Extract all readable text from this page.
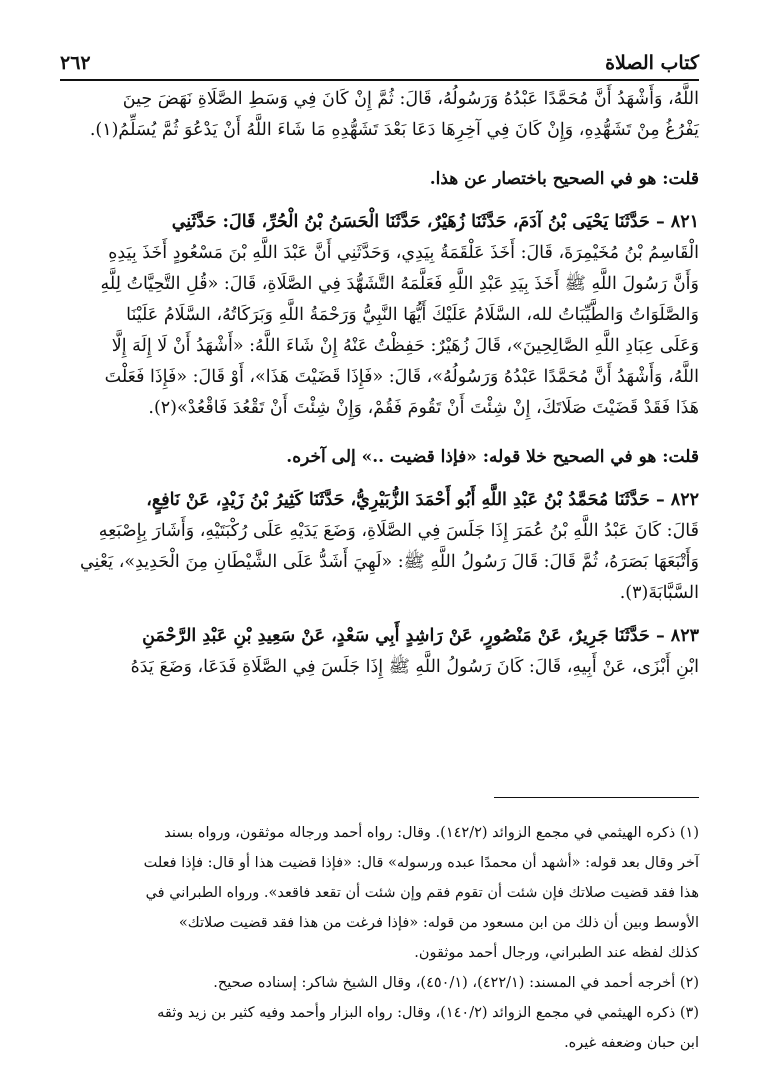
كتاب الصلاة
٢٦٢

اللَّهُ، وَأَشْهَدُ أَنَّ مُحَمَّدًا عَبْدُهُ وَرَسُولُهُ، قَالَ: ثُمَّ إِنْ كَانَ فِي وَسَطِ الصَّلَاةِ نَهَضَ حِينَ

يَفْرُغُ مِنْ تَشَهُّدِهِ، وَإِنْ كَانَ فِي آخِرِهَا دَعَا بَعْدَ تَشَهُّدِهِ مَا شَاءَ اللَّهُ أَنْ يَدْعُوَ ثُمَّ يُسَلِّمُ(١).

قلت: هو في الصحيح باختصار عن هذا.

٨٢١ – حَدَّثَنَا يَحْيَى بْنُ آدَمَ، حَدَّثَنَا زُهَيْرٌ، حَدَّثَنَا الْحَسَنُ بْنُ الْحُرِّ، قَالَ: حَدَّثَنِي

الْقَاسِمُ بْنُ مُخَيْمِرَةَ، قَالَ: أَخَذَ عَلْقَمَةُ بِيَدِي، وَحَدَّثَنِي أَنَّ عَبْدَ اللَّهِ بْنَ مَسْعُودٍ أَخَذَ بِيَدِهِ

وَأَنَّ رَسُولَ اللَّهِ ﷺ أَخَذَ بِيَدِ عَبْدِ اللَّهِ فَعَلَّمَهُ التَّشَهُّدَ فِي الصَّلَاةِ، قَالَ: «قُلِ التَّحِيَّاتُ لِلَّهِ

وَالصَّلَوَاتُ وَالطَّيِّبَاتُ لله، السَّلَامُ عَلَيْكَ أَيُّهَا النَّبِيُّ وَرَحْمَةُ اللَّهِ وَبَرَكَاتُهُ، السَّلَامُ عَلَيْنَا

وَعَلَى عِبَادِ اللَّهِ الصَّالِحِينَ»، قَالَ زُهَيْرٌ: حَفِظْتُ عَنْهُ إِنْ شَاءَ اللَّهُ: «أَشْهَدُ أَنْ لَا إِلَهَ إِلَّا

اللَّهُ، وَأَشْهَدُ أَنَّ مُحَمَّدًا عَبْدُهُ وَرَسُولُهُ»، قَالَ: «فَإِذَا قَضَيْتَ هَذَا»، أَوْ قَالَ: «فَإِذَا فَعَلْتَ

هَذَا فَقَدْ قَضَيْتَ صَلَاتَكَ، إِنْ شِئْتَ أَنْ تَقُومَ فَقُمْ، وَإِنْ شِئْتَ أَنْ تَقْعُدَ فَاقْعُدْ»(٢).

قلت: هو في الصحيح خلا قوله: «فإذا قضيت ..» إلى آخره.

٨٢٢ – حَدَّثَنَا مُحَمَّدُ بْنُ عَبْدِ اللَّهِ أَبُو أَحْمَدَ الزُّبَيْرِيُّ، حَدَّثَنَا كَثِيرُ بْنُ زَيْدٍ، عَنْ نَافِعٍ،

قَالَ: كَانَ عَبْدُ اللَّهِ بْنُ عُمَرَ إِذَا جَلَسَ فِي الصَّلَاةِ، وَضَعَ يَدَيْهِ عَلَى رُكْبَتَيْهِ، وَأَشَارَ بِإِصْبَعِهِ

وَأَتْبَعَهَا بَصَرَهُ، ثُمَّ قَالَ: قَالَ رَسُولُ اللَّهِ ﷺ: «لَهِيَ أَشَدُّ عَلَى الشَّيْطَانِ مِنَ الْحَدِيدِ»، يَعْنِي

السَّبَّابَةَ(٣).

٨٢٣ – حَدَّثَنَا جَرِيرٌ، عَنْ مَنْصُورٍ، عَنْ رَاشِدٍ أَبِي سَعْدٍ، عَنْ سَعِيدِ بْنِ عَبْدِ الرَّحْمَنِ

ابْنِ أَبْزَى، عَنْ أَبِيهِ، قَالَ: كَانَ رَسُولُ اللَّهِ ﷺ إِذَا جَلَسَ فِي الصَّلَاةِ فَدَعَا، وَضَعَ يَدَهُ

(١) ذكره الهيثمي في مجمع الزوائد (١٤٢/٢). وقال: رواه أحمد ورجاله موثقون، ورواه بسند

آخر وقال بعد قوله: «أشهد أن محمدًا عبده ورسوله» قال: «فإذا قضيت هذا أو قال: فإذا فعلت

هذا فقد قضيت صلاتك فإن شئت أن تقوم فقم وإن شئت أن تقعد فاقعد». ورواه الطبراني في

الأوسط وبين أن ذلك من ابن مسعود من قوله: «فإذا فرغت من هذا فقد قضيت صلاتك»

كذلك لفظه عند الطبراني، ورجال أحمد موثقون.

(٢) أخرجه أحمد في المسند: (٤٢٢/١)، (٤٥٠/١)، وقال الشيخ شاكر: إسناده صحيح.

(٣) ذكره الهيثمي في مجمع الزوائد (١٤٠/٢)، وقال: رواه البزار وأحمد وفيه كثير بن زيد وثقه

ابن حبان وضعفه غيره.
